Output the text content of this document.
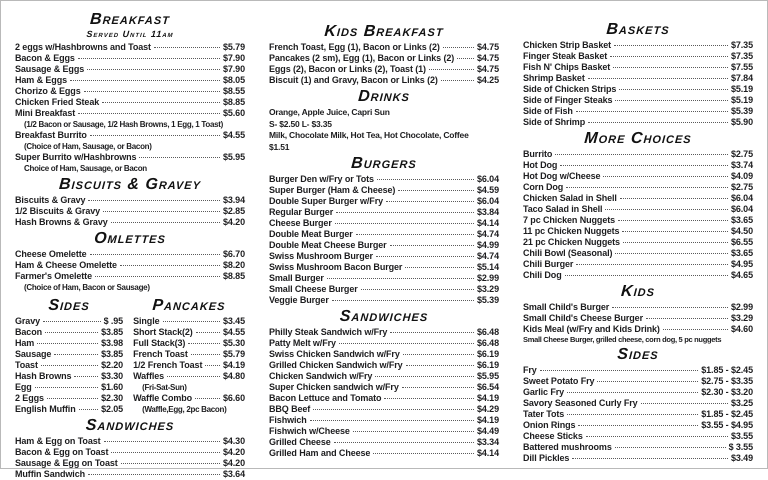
Breakfast
Served Until 11am
2 eggs w/Hashbrowns and Toast	$5.79
Bacon & Eggs	$7.90
Sausage & Eggs	$7.90
Ham & Eggs	$8.05
Chorizo & Eggs	$8.55
Chicken Fried Steak	$8.85
Mini Breakfast	$5.60
(1/2 Bacon or Sausage, 1/2 Hash Browns, 1 Egg, 1 Toast)
Breakfast Burrito	$4.55
(Choice of Ham, Sausage, or Bacon)
Super Burrito w/Hashbrowns	$5.95
Choice of Ham, Sausage, or Bacon
Biscuits & Gravey
Biscuits & Gravy	$3.94
1/2 Biscuits & Gravy	$2.85
Hash Browns & Gravy	$4.20
Omlettes
Cheese Omelette	$6.70
Ham & Cheese Omelette	$8.20
Farmer's Omelette	$8.85
(Choice of Ham, Bacon or Sausage)
Sides
Gravy	$ .95
Bacon	$3.85
Ham	$3.98
Sausage	$3.85
Toast	$2.20
Hash Browns	$3.30
Egg	$1.60
2 Eggs	$2.30
English Muffin	$2.05
Pancakes
Single	$3.45
Short Stack(2)	$4.55
Full Stack(3)	$5.30
French Toast	$5.79
1/2 French Toast $4.19
Waffles	$4.80
(Fri-Sat-Sun)
Waffle Combo	$6.60
(Waffle,Egg, 2pc Bacon)
Sandwiches
Ham & Egg on Toast	$4.30
Bacon & Egg on Toast	$4.20
Sausage & Egg on Toast	$4.20
Muffin Sandwich	$3.64
Kids Breakfast
French Toast, Egg (1), Bacon or Links (2)	$4.75
Pancakes (2 sm), Egg (1), Bacon or Links (2)	$4.75
Eggs (2), Bacon or Links (2), Toast (1)	$4.75
Biscuit (1) and Gravy, Bacon or Links (2)	$4.25
Drinks
Orange, Apple Juice, Capri Sun
S- $2.50 L- $3.35
Milk, Chocolate Milk, Hot Tea, Hot Chocolate, Coffee
$1.51
Burgers
Burger Den w/Fry or Tots	$6.04
Super Burger (Ham & Cheese)	$4.59
Double Super Burger w/Fry	$6.04
Regular Burger	$3.84
Cheese Burger	$4.14
Double Meat Burger	$4.74
Double Meat Cheese Burger	$4.99
Swiss Mushroom Burger	$4.74
Swiss Mushroom Bacon Burger	$5.14
Small Burger	$2.99
Small Cheese Burger	$3.29
Veggie Burger	$5.39
Sandwiches
Philly Steak Sandwich w/Fry	$6.48
Patty Melt w/Fry	$6.48
Swiss Chicken Sandwich w/Fry	$6.19
Grilled Chicken Sandwich w/Fry	$6.19
Chicken Sandwich w/Fry	$5.95
Super Chicken sandwich w/Fry	$6.54
Bacon Lettuce and Tomato	$4.19
BBQ Beef	$4.29
Fishwich	$4.19
Fishwich w/Cheese	$4.49
Grilled Cheese	$3.34
Grilled Ham and Cheese	$4.14
Baskets
Chicken Strip Basket	$7.35
Finger Steak Basket	$7.35
Fish N' Chips Basket	$7.55
Shrimp Basket	$7.84
Side of Chicken Strips	$5.19
Side of Finger Steaks	$5.19
Side of Fish	$5.39
Side of Shrimp	$5.90
More Choices
Burrito	$2.75
Hot Dog	$3.74
Hot Dog w/Cheese	$4.09
Corn Dog	$2.75
Chicken Salad in Shell	$6.04
Taco Salad in Shell	$6.04
7 pc Chicken Nuggets	$3.65
11 pc Chicken Nuggets	$4.50
21 pc Chicken Nuggets	$6.55
Chili Bowl (Seasonal)	$3.65
Chili Burger	$4.95
Chili Dog	$4.65
Kids
Small Child's Burger	$2.99
Small Child's Cheese Burger	$3.29
Kids Meal (w/Fry and Kids Drink)	$4.60
Small Cheese Burger, grilled cheese, corn dog, 5 pc nuggets
Sides
Fry	$1.85 - $2.45
Sweet Potato Fry	$2.75 - $3.35
Garlic Fry	$2.30 - $3.20
Savory Seasoned Curly Fry	$3.25
Tater Tots	$1.85 - $2.45
Onion Rings	$3.55 - $4.95
Cheese Sticks	$3.55
Battered mushrooms	$ 3.55
Dill Pickles	$3.49
